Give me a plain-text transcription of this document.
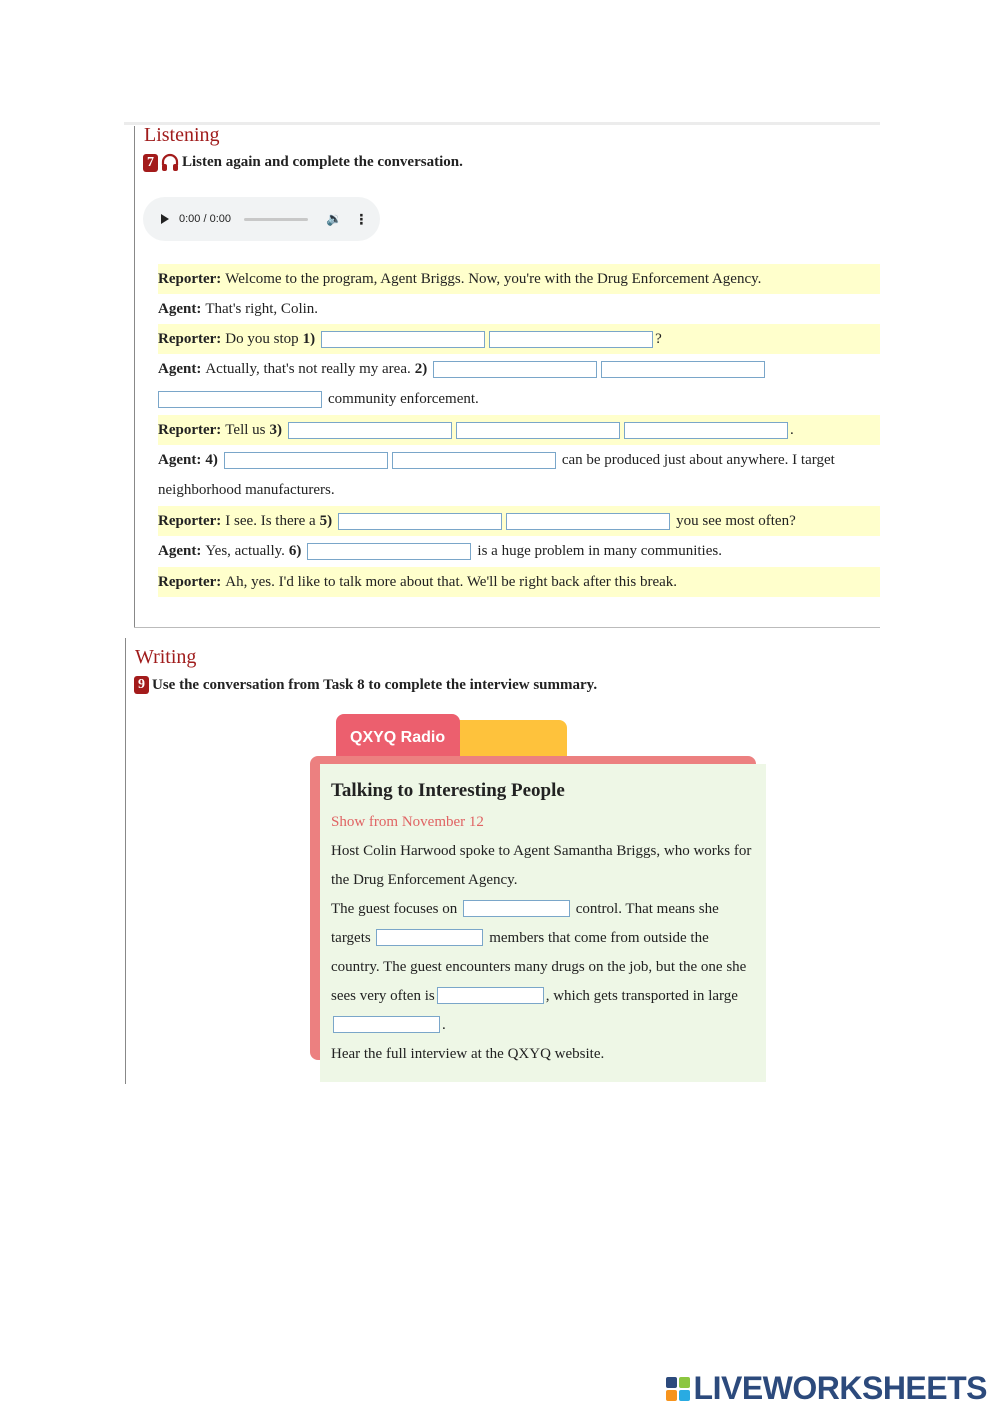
Listening
7 Listen again and complete the conversation.
0:00 / 0:00	🔉 ⋮
Reporter: Welcome to the program, Agent Briggs. Now, you're with the Drug Enforcement Agency.
Agent: That's right, Colin.
Reporter: Do you stop 1)	?
Agent: Actually, that's not really my area. 2)
community enforcement.
Reporter: Tell us 3)	.
Agent: 4)	can be produced just about anywhere. I target
neighborhood manufacturers.
Reporter: I see. Is there a 5)	you see most often?
Agent: Yes, actually. 6)	is a huge problem in many communities.
Reporter: Ah, yes. I'd like to talk more about that. We'll be right back after this break.
Writing
9 Use the conversation from Task 8 to complete the interview summary.
QXYQ Radio
Talking to Interesting People
Show from November 12

Host Colin Harwood spoke to Agent Samantha Briggs, who works for the Drug Enforcement Agency.

The guest focuses on	control. That means she targets	members that come from outside the country. The guest encounters many drugs on the job, but the one she sees very often is	, which gets transported in large .

Hear the full interview at the QXYQ website.

LIVEWORKSHEETS
